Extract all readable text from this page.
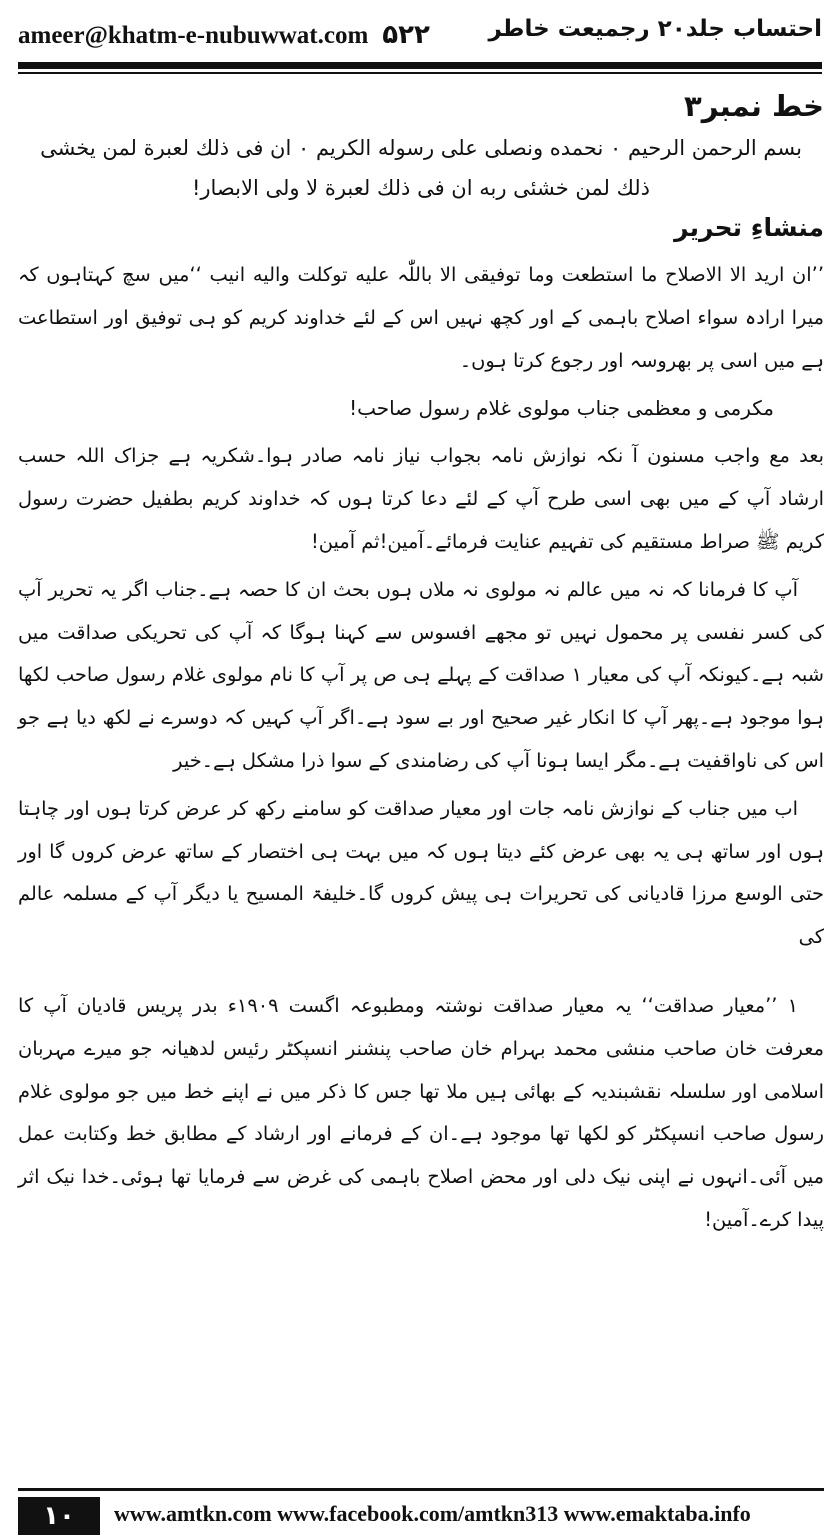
ameer@khatm-e-nubuwwat.com ۵۲۲	احتساب جلد۲۰ رجمیعت خاطر
خط نمبر۳
بسم الرحمن الرحیم ۰ نحمده ونصلی علی رسوله الکریم ۰ ان فی ذلك لعبرة لمن یخشی
ذلك لمن خشئی ربه ان فی ذلك لعبرة لا ولی الابصار!
منشاءِ تحریر

’’ان ارید الا الاصلاح ما استطعت وما توفیقی الا باللّٰہ علیه توکلت والیه انیب ‘‘میں سچ کہتاہوں کہ میرا ارادہ سواء اصلاح باہمی کے اور کچھ نہیں اس کے لئے خداوند کریم کو ہی توفیق اور استطاعت ہے میں اسی پر بھروسہ اور رجوع کرتا ہوں۔

مکرمی و معظمی جناب مولوی غلام رسول صاحب!

بعد مع واجب مسنون آ نکہ نوازش نامہ بجواب نیاز نامہ صادر ہوا۔شکریہ ہے جزاک اللہ حسب ارشاد آپ کے میں بھی اسی طرح آپ کے لئے دعا کرتا ہوں کہ خداوند کریم بطفیل حضرت رسول کریم ﷺ صراط مستقیم کی تفہیم عنایت فرمائے۔آمین!ثم آمین!

آپ کا فرمانا کہ نہ میں عالم نہ مولوی نہ ملاں ہوں بحث ان کا حصہ ہے۔جناب اگر یہ تحریر آپ کی کسر نفسی پر محمول نہیں تو مجھے افسوس سے کہنا ہوگا کہ آپ کی تحریکی صداقت میں شبہ ہے۔کیونکہ آپ کی معیار ۱ صداقت کے پہلے ہی ص پر آپ کا نام مولوی غلام رسول صاحب لکھا ہوا موجود ہے۔پھر آپ کا انکار غیر صحیح اور بے سود ہے۔اگر آپ کہیں کہ دوسرے نے لکھ دیا ہے جو اس کی ناواقفیت ہے۔مگر ایسا ہونا آپ کی رضامندی کے سوا ذرا مشکل ہے۔خیر

اب میں جناب کے نوازش نامہ جات اور معیار صداقت کو سامنے رکھ کر عرض کرتا ہوں اور چاہتا ہوں اور ساتھ ہی یہ بھی عرض کئے دیتا ہوں کہ میں بہت ہی اختصار کے ساتھ عرض کروں گا اور حتی الوسع مرزا قادیانی کی تحریرات ہی پیش کروں گا۔خلیفۃ المسیح یا دیگر آپ کے مسلمہ عالم کی

۱ ’’معیار صداقت‘‘ یہ معیار صداقت نوشتہ ومطبوعہ اگست ۱۹۰۹ء بدر پریس قادیان آپ کا معرفت خان صاحب منشی محمد بہرام خان صاحب پنشنر انسپکٹر رئیس لدھیانہ جو میرے مہربان اسلامی اور سلسلہ نقشبندیہ کے بھائی ہیں ملا تھا جس کا ذکر میں نے اپنے خط میں جو مولوی غلام رسول صاحب انسپکٹر کو لکھا تھا موجود ہے۔ان کے فرمانے اور ارشاد کے مطابق خط وکتابت عمل میں آئی۔انہوں نے اپنی نیک دلی اور محض اصلاح باہمی کی غرض سے فرمایا تھا ہوئی۔خدا نیک اثر پیدا کرے۔آمین!

۱۰	www.amtkn.com www.facebook.com/amtkn313 www.emaktaba.info
